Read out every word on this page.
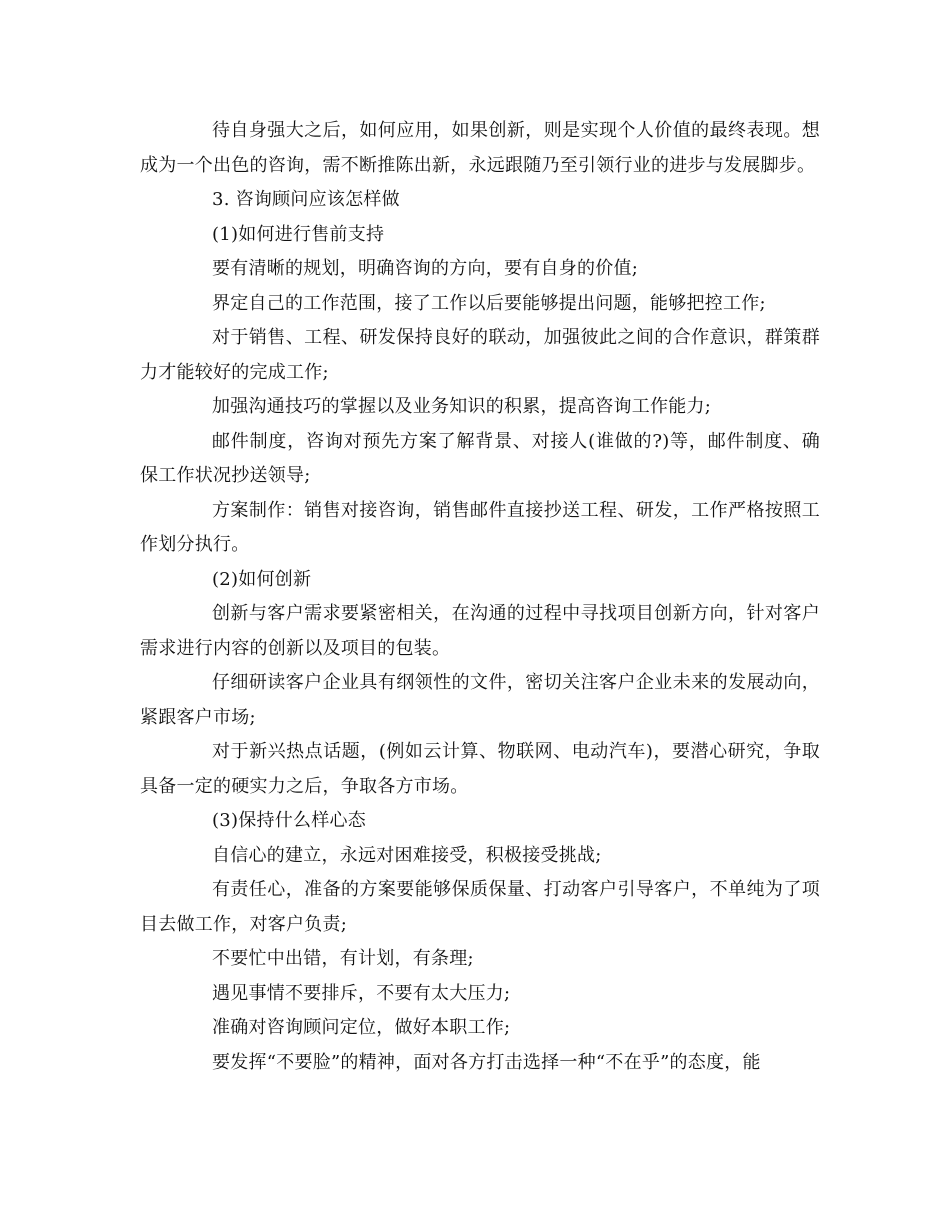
待自身强大之后，如何应用，如果创新，则是实现个人价值的最终表现。想成为一个出色的咨询，需不断推陈出新，永远跟随乃至引领行业的进步与发展脚步。

3. 咨询顾问应该怎样做

(1)如何进行售前支持

要有清晰的规划，明确咨询的方向，要有自身的价值;

界定自己的工作范围，接了工作以后要能够提出问题，能够把控工作;

对于销售、工程、研发保持良好的联动，加强彼此之间的合作意识，群策群力才能较好的完成工作;

加强沟通技巧的掌握以及业务知识的积累，提高咨询工作能力;

邮件制度，咨询对预先方案了解背景、对接人(谁做的?)等，邮件制度、确保工作状况抄送领导;

方案制作：销售对接咨询，销售邮件直接抄送工程、研发，工作严格按照工作划分执行。

(2)如何创新

创新与客户需求要紧密相关，在沟通的过程中寻找项目创新方向，针对客户需求进行内容的创新以及项目的包装。

仔细研读客户企业具有纲领性的文件，密切关注客户企业未来的发展动向，紧跟客户市场;

对于新兴热点话题，(例如云计算、物联网、电动汽车)，要潜心研究，争取具备一定的硬实力之后，争取各方市场。

(3)保持什么样心态

自信心的建立，永远对困难接受，积极接受挑战;

有责任心，准备的方案要能够保质保量、打动客户引导客户，不单纯为了项目去做工作，对客户负责;

不要忙中出错，有计划，有条理;

遇见事情不要排斥，不要有太大压力;

准确对咨询顾问定位，做好本职工作;

要发挥“不要脸”的精神，面对各方打击选择一种“不在乎”的态度，能
